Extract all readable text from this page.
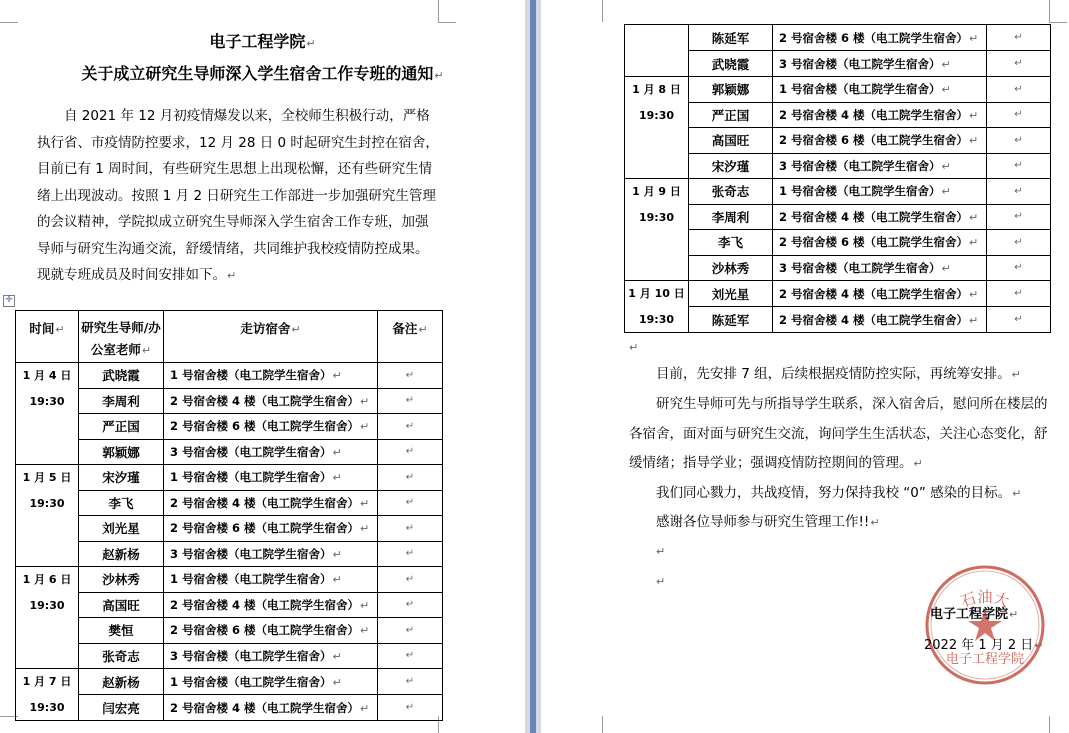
电子工程学院↵
关于成立研究生导师深入学生宿舍工作专班的通知↵

自 2021 年 12 月初疫情爆发以来，全校师生积极行动，严格执行省、市疫情防控要求，12 月 28 日 0 时起研究生封控在宿舍，目前已有 1 周时间，有些研究生思想上出现松懈，还有些研究生情绪上出现波动。按照 1 月 2 日研究生工作部进一步加强研究生管理的会议精神，学院拟成立研究生导师深入学生宿舍工作专班，加强导师与研究生沟通交流，舒缓情绪，共同维护我校疫情防控成果。现就专班成员及时间安排如下。↵

✛
时间↵	研究生导师/办公室老师↵	走访宿舍↵	备注↵

1 月 4 日
19:30	武晓霞	1 号宿舍楼（电工院学生宿舍）↵	↵
	李周利	2 号宿舍楼 4 楼（电工院学生宿舍）↵	↵
	严正国	2 号宿舍楼 6 楼（电工院学生宿舍）↵	↵
	郭颖娜	3 号宿舍楼（电工院学生宿舍）↵	↵

1 月 5 日
19:30	宋汐瑾	1 号宿舍楼（电工院学生宿舍）↵	↵
	李飞	2 号宿舍楼 4 楼（电工院学生宿舍）↵	↵
	刘光星	2 号宿舍楼 6 楼（电工院学生宿舍）↵	↵
	赵新杨	3 号宿舍楼（电工院学生宿舍）↵	↵

1 月 6 日
19:30	沙林秀	1 号宿舍楼（电工院学生宿舍）↵	↵
	高国旺	2 号宿舍楼 4 楼（电工院学生宿舍）↵	↵
	樊恒	2 号宿舍楼 6 楼（电工院学生宿舍）↵	↵
	张奇志	3 号宿舍楼（电工院学生宿舍）↵	↵

1 月 7 日
19:30	赵新杨	1 号宿舍楼（电工院学生宿舍）↵	↵
	闫宏亮	2 号宿舍楼 4 楼（电工院学生宿舍）↵	↵
	陈延军	2 号宿舍楼 6 楼（电工院学生宿舍）↵	↵
	武晓霞	3 号宿舍楼（电工院学生宿舍）↵	↵

1 月 8 日
19:30	郭颖娜	1 号宿舍楼（电工院学生宿舍）↵	↵
	严正国	2 号宿舍楼 4 楼（电工院学生宿舍）↵	↵
	高国旺	2 号宿舍楼 6 楼（电工院学生宿舍）↵	↵
	宋汐瑾	3 号宿舍楼（电工院学生宿舍）↵	↵

1 月 9 日
19:30	张奇志	1 号宿舍楼（电工院学生宿舍）↵	↵
	李周利	2 号宿舍楼 4 楼（电工院学生宿舍）↵	↵
	李飞	2 号宿舍楼 6 楼（电工院学生宿舍）↵	↵
	沙林秀	3 号宿舍楼（电工院学生宿舍）↵	↵

1 月 10 日
19:30	刘光星	2 号宿舍楼 4 楼（电工院学生宿舍）↵	↵
	陈延军	2 号宿舍楼 4 楼（电工院学生宿舍）↵	↵
↵

目前，先安排 7 组，后续根据疫情防控实际，再统筹安排。↵

研究生导师可先与所指导学生联系，深入宿舍后，慰问所在楼层的各宿舍，面对面与研究生交流，询问学生生活状态，关注心态变化，舒缓情绪；指导学业；强调疫情防控期间的管理。↵

我们同心戮力，共战疫情，努力保持我校 “0” 感染的目标。↵

感谢各位导师参与研究生管理工作!!↵

↵
↵
石油大
电子工程学院
电子工程学院↵
2022 年 1 月 2 日↵
